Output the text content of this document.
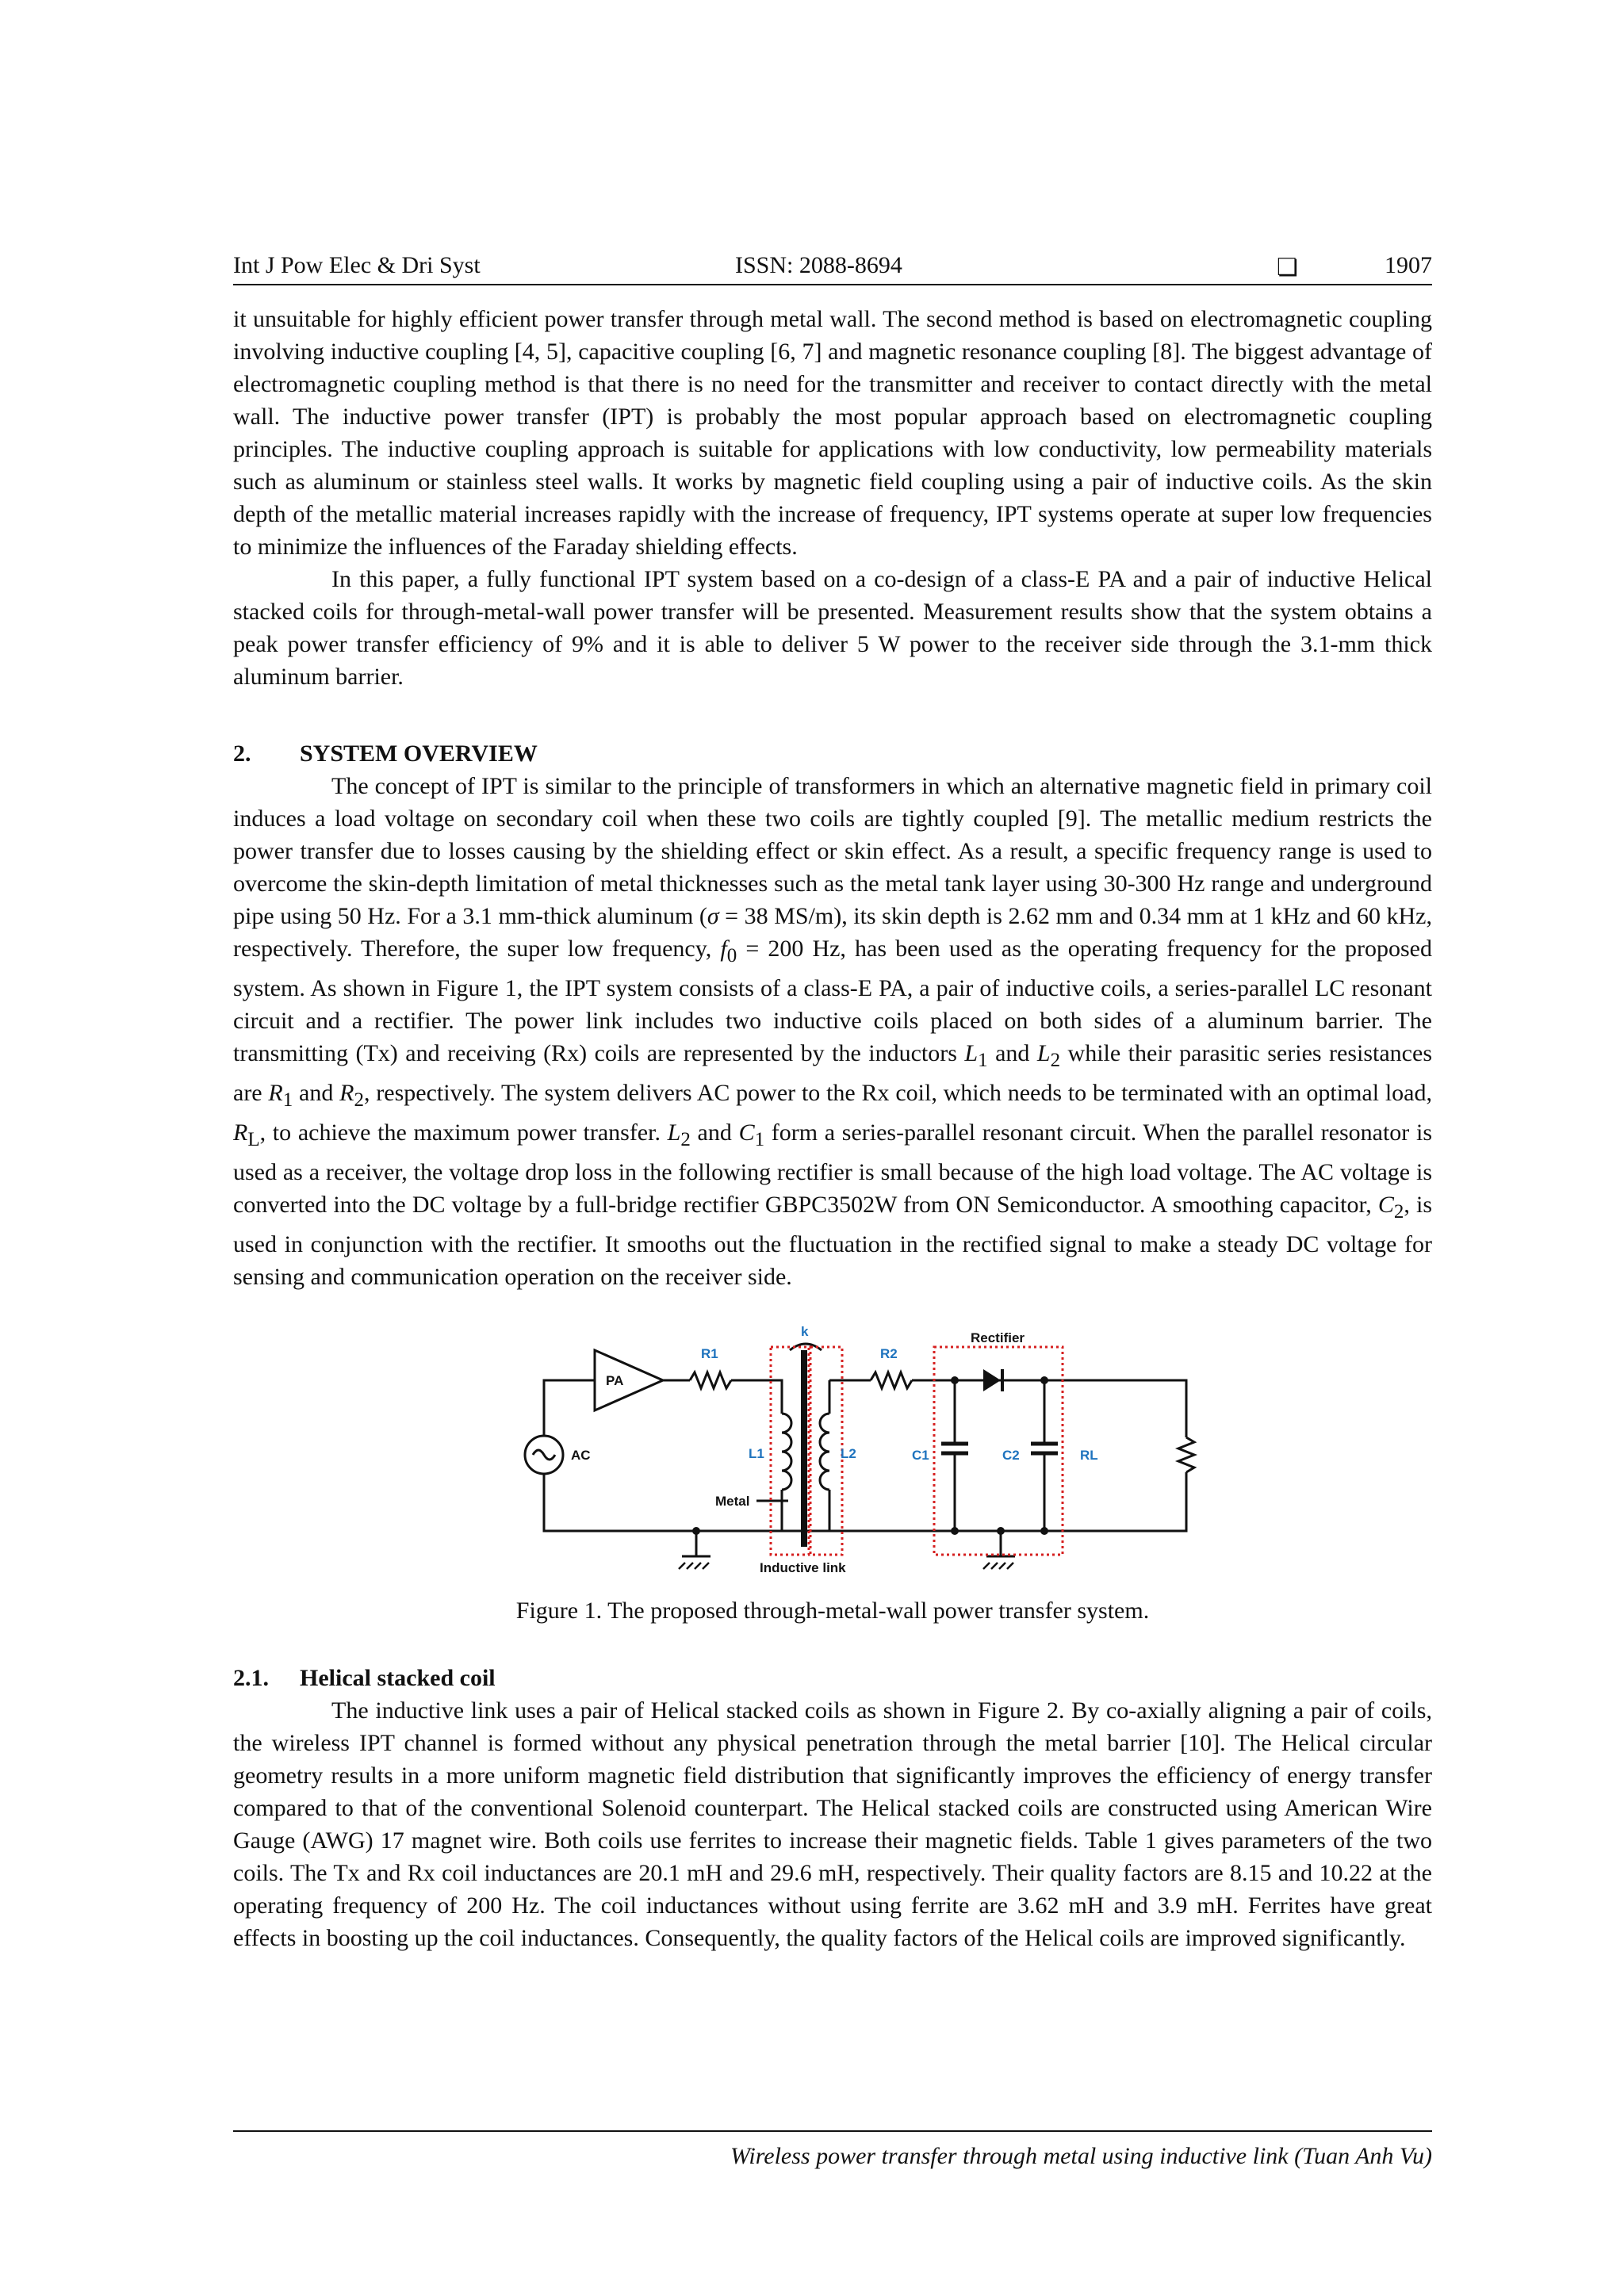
Int J Pow Elec & Dri Syst	ISSN: 2088-8694	❏	1907

it unsuitable for highly efficient power transfer through metal wall. The second method is based on electromagnetic coupling involving inductive coupling [4, 5], capacitive coupling [6, 7] and magnetic resonance coupling [8]. The biggest advantage of electromagnetic coupling method is that there is no need for the transmitter and receiver to contact directly with the metal wall. The inductive power transfer (IPT) is probably the most popular approach based on electromagnetic coupling principles. The inductive coupling approach is suitable for applications with low conductivity, low permeability materials such as aluminum or stainless steel walls. It works by magnetic field coupling using a pair of inductive coils. As the skin depth of the metallic material increases rapidly with the increase of frequency, IPT systems operate at super low frequencies to minimize the influences of the Faraday shielding effects.

In this paper, a fully functional IPT system based on a co-design of a class-E PA and a pair of inductive Helical stacked coils for through-metal-wall power transfer will be presented. Measurement results show that the system obtains a peak power transfer efficiency of 9% and it is able to deliver 5 W power to the receiver side through the 3.1-mm thick aluminum barrier.

2. SYSTEM OVERVIEW

The concept of IPT is similar to the principle of transformers in which an alternative magnetic field in primary coil induces a load voltage on secondary coil when these two coils are tightly coupled [9]. The metallic medium restricts the power transfer due to losses causing by the shielding effect or skin effect. As a result, a specific frequency range is used to overcome the skin-depth limitation of metal thicknesses such as the metal tank layer using 30-300 Hz range and underground pipe using 50 Hz. For a 3.1 mm-thick aluminum (σ = 38 MS/m), its skin depth is 2.62 mm and 0.34 mm at 1 kHz and 60 kHz, respectively. Therefore, the super low frequency, $f_0 = 200$ Hz, has been used as the operating frequency for the proposed system. As shown in Figure 1, the IPT system consists of a class-E PA, a pair of inductive coils, a series-parallel LC resonant circuit and a rectifier. The power link includes two inductive coils placed on both sides of a aluminum barrier. The transmitting (Tx) and receiving (Rx) coils are represented by the inductors $L_1$ and $L_2$ while their parasitic series resistances are $R_1$ and $R_2$, respectively. The system delivers AC power to the Rx coil, which needs to be terminated with an optimal load, $R_L$, to achieve the maximum power transfer. $L_2$ and $C_1$ form a series-parallel resonant circuit. When the parallel resonator is used as a receiver, the voltage drop loss in the following rectifier is small because of the high load voltage. The AC voltage is converted into the DC voltage by a full-bridge rectifier GBPC3502W from ON Semiconductor. A smoothing capacitor, $C_2$, is used in conjunction with the rectifier. It smooths out the fluctuation in the rectified signal to make a steady DC voltage for sensing and communication operation on the receiver side.

PA
AC
R1	R2
k
L1	L2	C1	C2	RL
Rectifier
Metal
Inductive link

Figure 1. The proposed through-metal-wall power transfer system.

2.1. Helical stacked coil

The inductive link uses a pair of Helical stacked coils as shown in Figure 2. By co-axially aligning a pair of coils, the wireless IPT channel is formed without any physical penetration through the metal barrier [10]. The Helical circular geometry results in a more uniform magnetic field distribution that significantly improves the efficiency of energy transfer compared to that of the conventional Solenoid counterpart. The Helical stacked coils are constructed using American Wire Gauge (AWG) 17 magnet wire. Both coils use ferrites to increase their magnetic fields. Table 1 gives parameters of the two coils. The Tx and Rx coil inductances are 20.1 mH and 29.6 mH, respectively. Their quality factors are 8.15 and 10.22 at the operating frequency of 200 Hz. The coil inductances without using ferrite are 3.62 mH and 3.9 mH. Ferrites have great effects in boosting up the coil inductances. Consequently, the quality factors of the Helical coils are improved significantly.

Wireless power transfer through metal using inductive link (Tuan Anh Vu)
